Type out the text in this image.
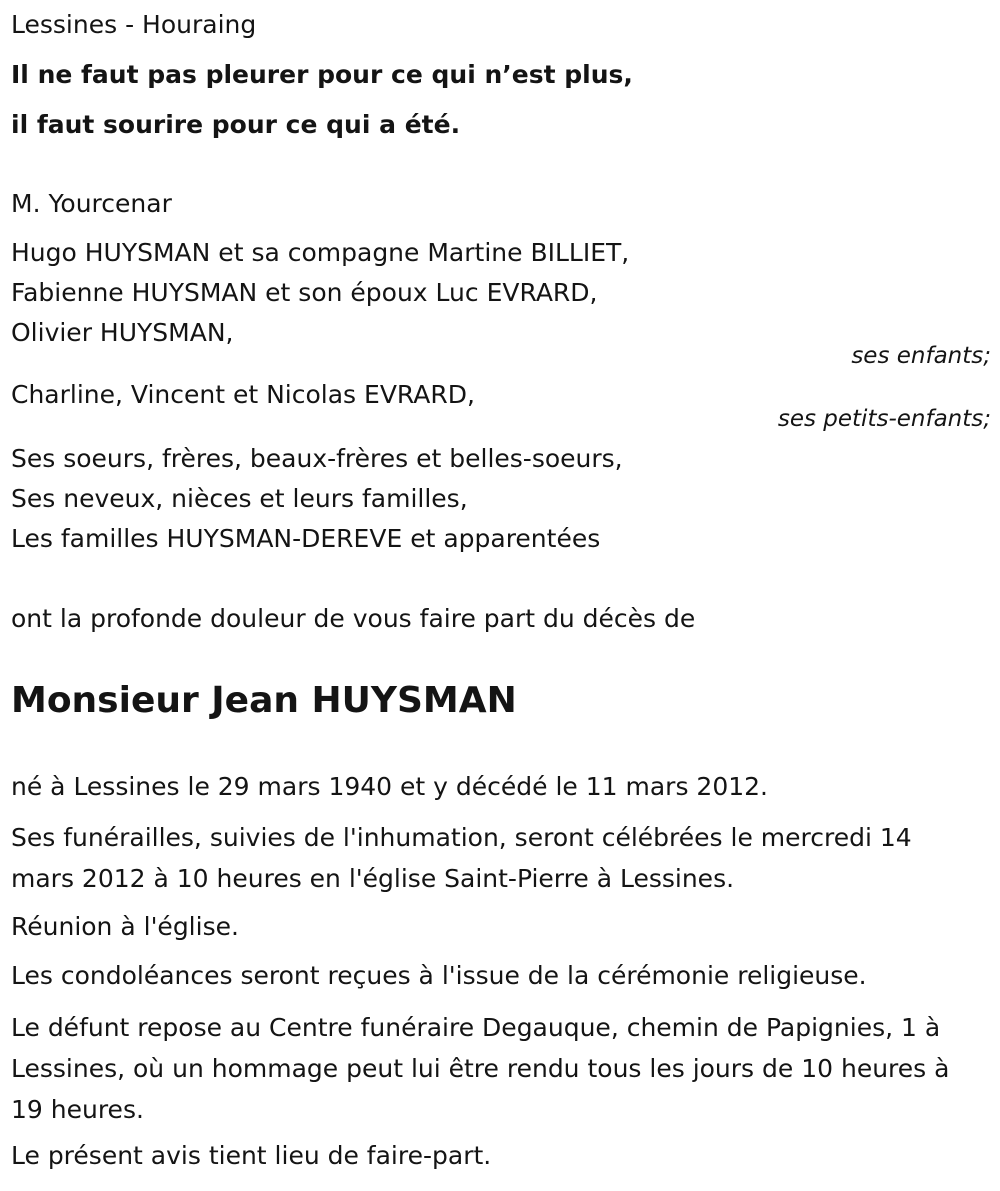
Lessines - Houraing
Il ne faut pas pleurer pour ce qui n’est plus,
il faut sourire pour ce qui a été.
M. Yourcenar
Hugo HUYSMAN et sa compagne Martine BILLIET,
Fabienne HUYSMAN et son époux Luc EVRARD,
Olivier HUYSMAN,
ses enfants;
Charline, Vincent et Nicolas EVRARD,
ses petits-enfants;
Ses soeurs, frères, beaux-frères et belles-soeurs,
Ses neveux, nièces et leurs familles,
Les familles HUYSMAN-DEREVE et apparentées
ont la profonde douleur de vous faire part du décès de
Monsieur Jean HUYSMAN
né à Lessines le 29 mars 1940 et y décédé le 11 mars 2012.
Ses funérailles, suivies de l'inhumation, seront célébrées le mercredi 14 mars 2012 à 10 heures en l'église Saint-Pierre à Lessines.
Réunion à l'église.
Les condoléances seront reçues à l'issue de la cérémonie religieuse.
Le défunt repose au Centre funéraire Degauque, chemin de Papignies, 1 à Lessines, où un hommage peut lui être rendu tous les jours de 10 heures à 19 heures.
Le présent avis tient lieu de faire-part.
